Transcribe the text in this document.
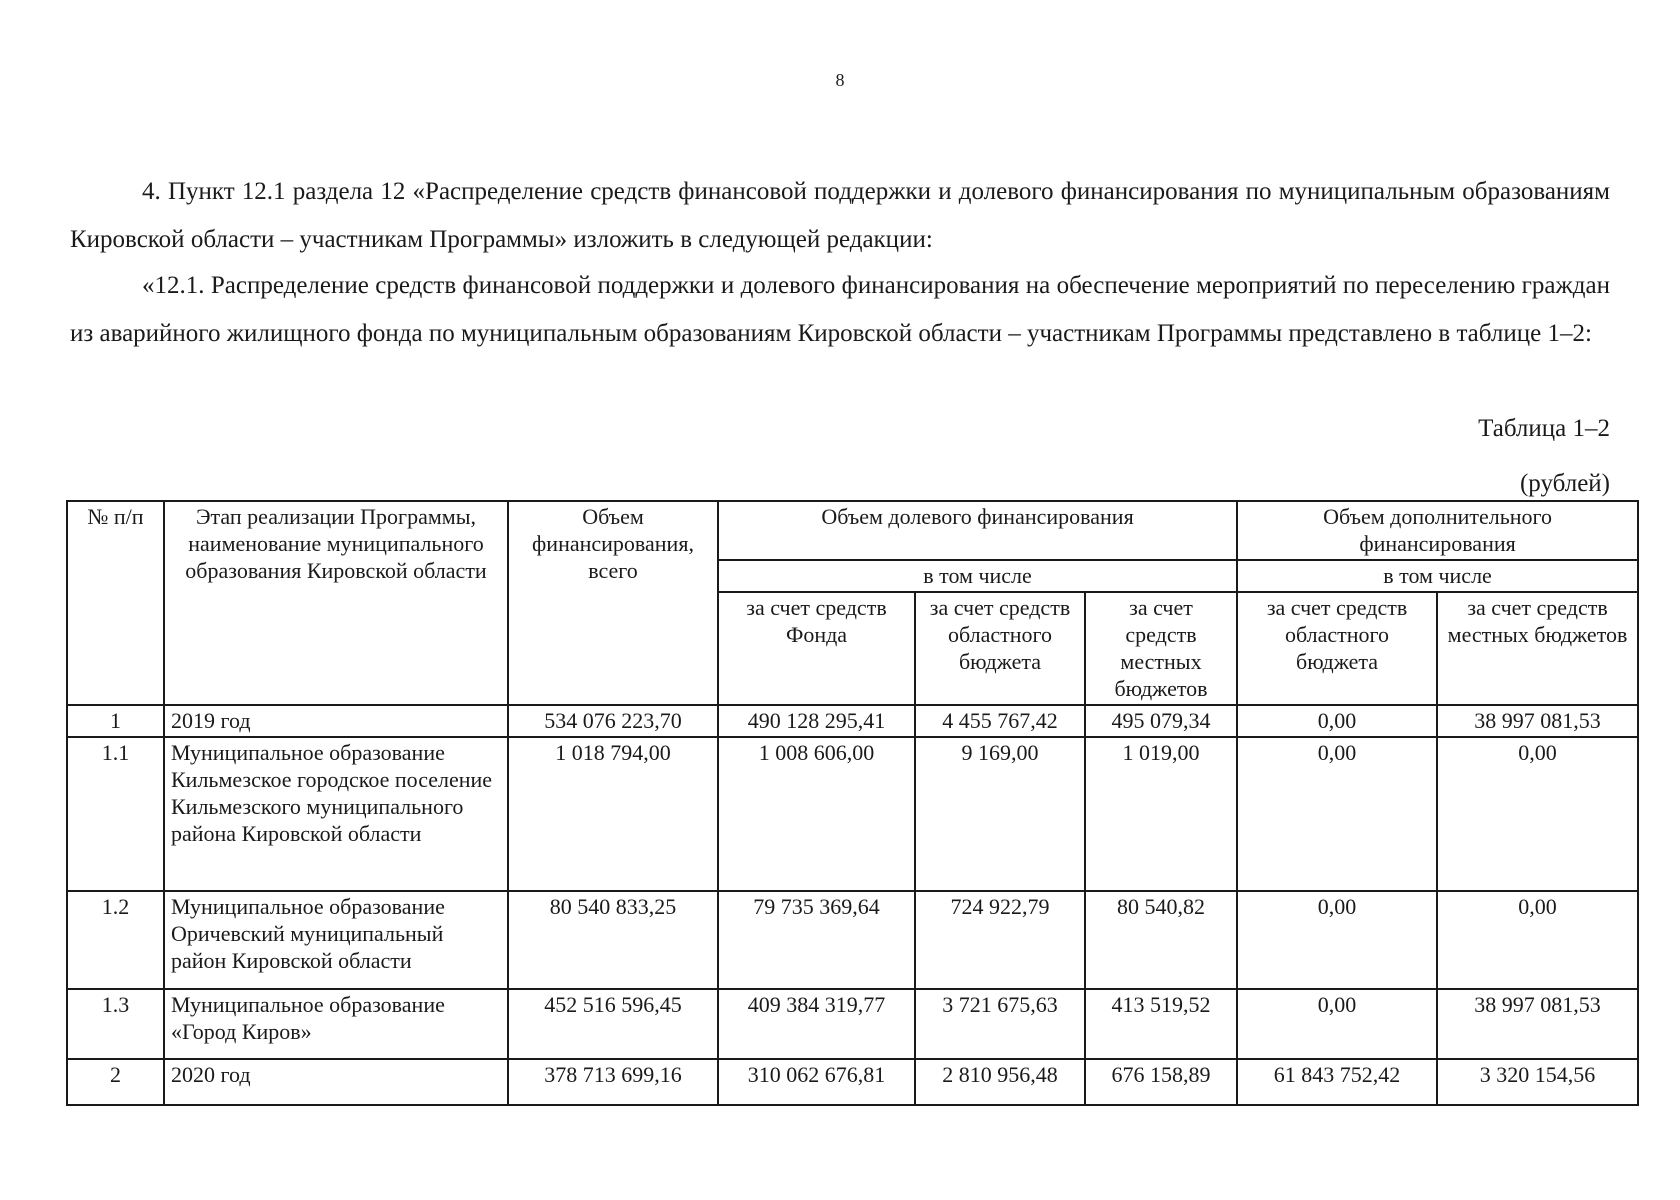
8

4. Пункт 12.1 раздела 12 «Распределение средств финансовой поддержки и долевого финансирования по муниципальным образованиям Кировской области – участникам Программы» изложить в следующей редакции:

«12.1. Распределение средств финансовой поддержки и долевого финансирования на обеспечение мероприятий по переселению граждан из аварийного жилищного фонда по муниципальным образованиям Кировской области – участникам Программы представлено в таблице 1–2:

Таблица 1–2
(рублей)
№ п/п	Этап реализации Программы, наименование муниципального образования Кировской области	Объем финансирования, всего	Объем долевого финансирования			Объем дополнительного финансирования	
			в том числе			в том числе	
			за счет средств Фонда	за счет средств областного бюджета	за счет средств местных бюджетов	за счет средств областного бюджета	за счет средств местных бюджетов
1	2019 год	534 076 223,70	490 128 295,41	4 455 767,42	495 079,34	0,00	38 997 081,53
1.1	Муниципальное образование Кильмезское городское поселение Кильмезского муниципального района Кировской области	1 018 794,00	1 008 606,00	9 169,00	1 019,00	0,00	0,00
1.2	Муниципальное образование Оричевский муниципальный район Кировской области	80 540 833,25	79 735 369,64	724 922,79	80 540,82	0,00	0,00
1.3	Муниципальное образование «Город Киров»	452 516 596,45	409 384 319,77	3 721 675,63	413 519,52	0,00	38 997 081,53
2	2020 год	378 713 699,16	310 062 676,81	2 810 956,48	676 158,89	61 843 752,42	3 320 154,56
